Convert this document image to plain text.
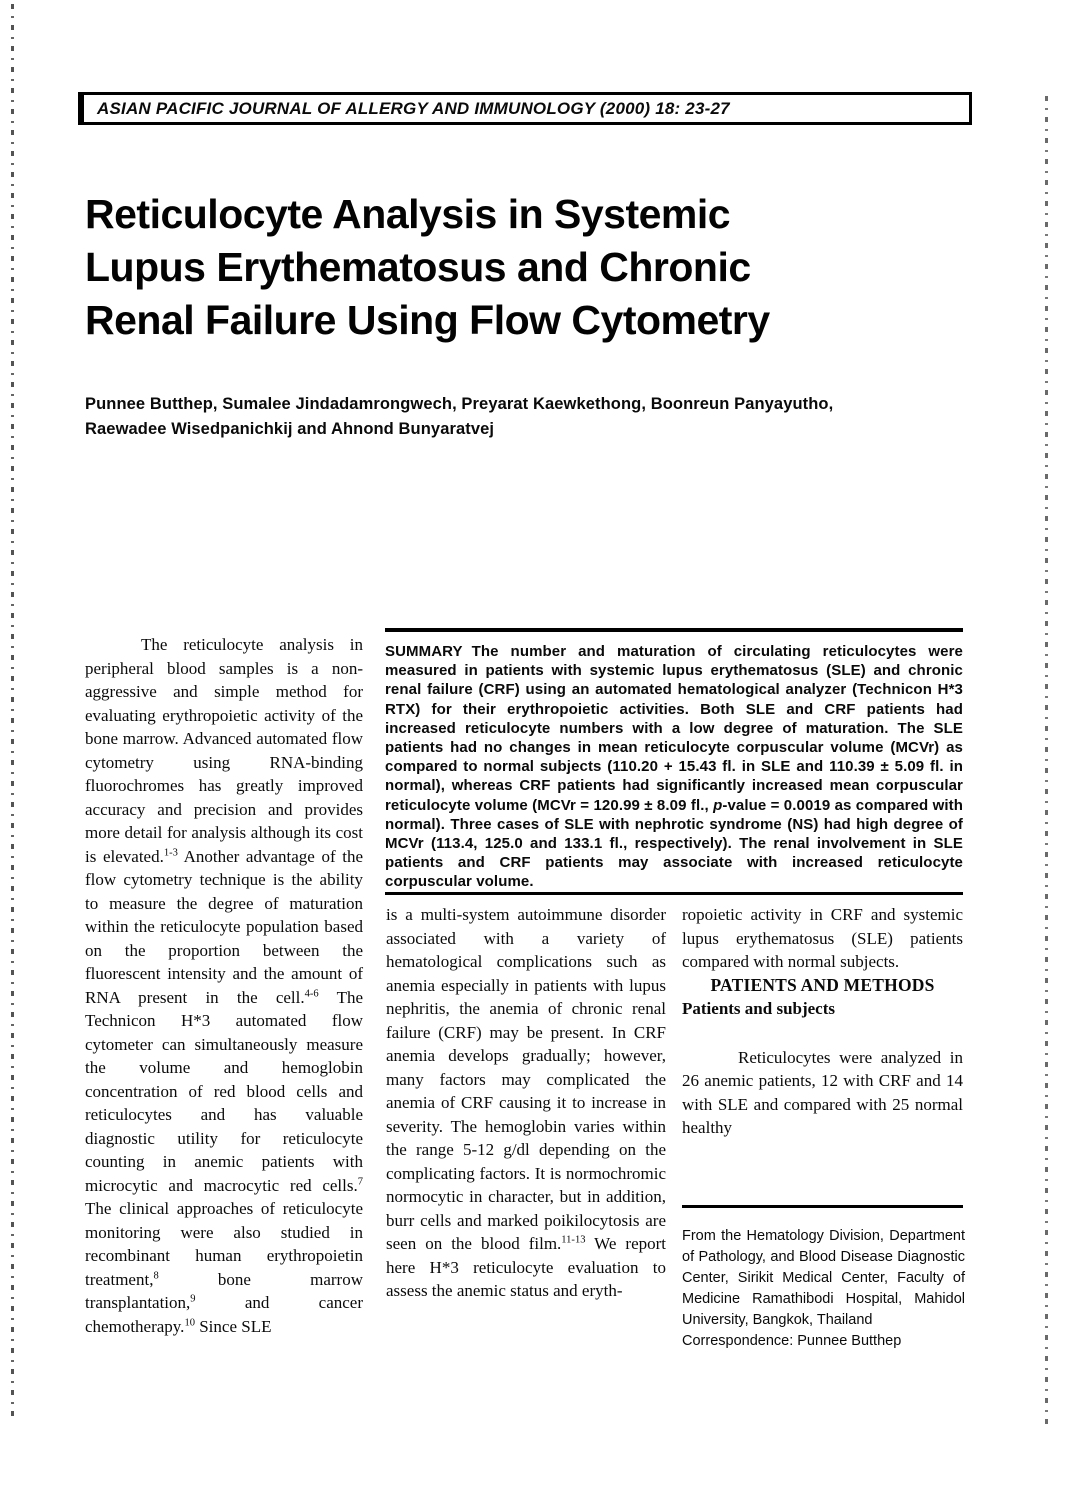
ASIAN PACIFIC JOURNAL OF ALLERGY AND IMMUNOLOGY (2000) 18: 23-27
Reticulocyte Analysis in Systemic
Lupus Erythematosus and Chronic
Renal Failure Using Flow Cytometry
Punnee Butthep, Sumalee Jindadamrongwech, Preyarat Kaewkethong, Boonreun Panyayutho,
Raewadee Wisedpanichkij and Ahnond Bunyaratvej

The reticulocyte analysis in peripheral blood samples is a non-aggressive and simple method for evaluating erythropoietic activity of the bone marrow. Advanced automated flow cytometry using RNA-binding fluorochromes has greatly improved accuracy and precision and provides more detail for analysis although its cost is elevated.$^{1-3}$ Another advantage of the flow cytometry technique is the ability to measure the degree of maturation within the reticulocyte population based on the proportion between the fluorescent intensity and the amount of RNA present in the cell.$^{4-6}$ The Technicon H*3 automated flow cytometer can simultaneously measure the volume and hemoglobin concentration of red blood cells and reticulocytes and has valuable diagnostic utility for reticulocyte counting in anemic patients with microcytic and macrocytic red cells.$^7$ The clinical approaches of reticulocyte monitoring were also studied in recombinant human erythropoietin treatment,$^8$ bone marrow transplantation,$^9$ and cancer chemotherapy.$^{10}$ Since SLE

SUMMARY The number and maturation of circulating reticulocytes were measured in patients with systemic lupus erythematosus (SLE) and chronic renal failure (CRF) using an automated hematological analyzer (Technicon H*3 RTX) for their erythropoietic activities. Both SLE and CRF patients had increased reticulocyte numbers with a low degree of maturation. The SLE patients had no changes in mean reticulocyte corpuscular volume (MCVr) as compared to normal subjects (110.20 + 15.43 fl. in SLE and 110.39 ± 5.09 fl. in normal), whereas CRF patients had significantly increased mean corpuscular reticulocyte volume (MCVr = 120.99 ± 8.09 fl., p-value = 0.0019 as compared with normal). Three cases of SLE with nephrotic syndrome (NS) had high degree of MCVr (113.4, 125.0 and 133.1 fl., respectively). The renal involvement in SLE patients and CRF patients may associate with increased reticulocyte corpuscular volume.

is a multi-system autoimmune disorder associated with a variety of hematological complications such as anemia especially in patients with lupus nephritis, the anemia of chronic renal failure (CRF) may be present. In CRF anemia develops gradually; however, many factors may complicated the anemia of CRF causing it to increase in severity. The hemoglobin varies within the range 5-12 g/dl depending on the complicating factors. It is normochromic normocytic in character, but in addition, burr cells and marked poikilocytosis are seen on the blood film.$^{11-13}$ We report here H*3 reticulocyte evaluation to assess the anemic status and eryth-

ropoietic activity in CRF and systemic lupus erythematosus (SLE) patients compared with normal subjects.

PATIENTS AND METHODS

Patients and subjects

Reticulocytes were analyzed in 26 anemic patients, 12 with CRF and 14 with SLE and compared with 25 normal healthy

From the Hematology Division, Department of Pathology, and Blood Disease Diagnostic Center, Sirikit Medical Center, Faculty of Medicine Ramathibodi Hospital, Mahidol University, Bangkok, Thailand
Correspondence: Punnee Butthep
